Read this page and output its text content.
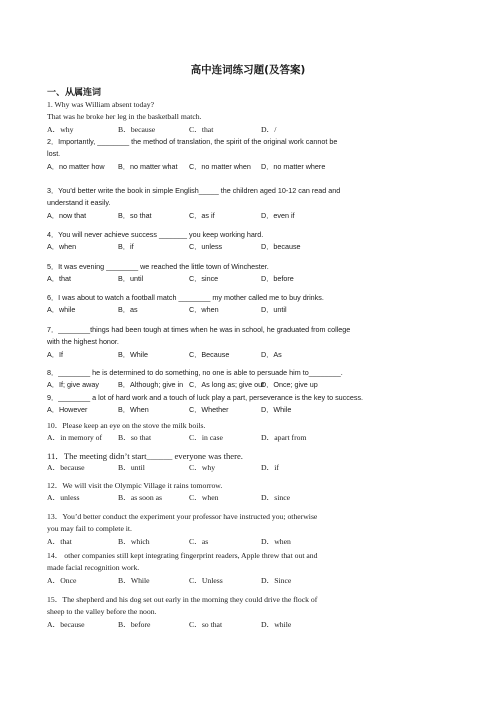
高中连词练习题(及答案)
一、从属连词
1. Why was William absent today?
That was he broke her leg in the basketball match.
A．why	B．because	C．that	D．/
2．Importantly, ________ the method of translation, the spirit of the original work cannot be
lost.
A．no matter how	B．no matter what	C．no matter when	D．no matter where
3．You'd better write the book in simple English_____ the children aged 10-12 can read and
understand it easily.
A．now that	B．so that	C．as if	D．even if
4．You will never achieve success _______ you keep working hard.
A．when	B．if	C．unless	D．because
5．It was evening ________ we reached the little town of Winchester.
A．that	B．until	C．since	D．before
6．I was about to watch a football match ________ my mother called me to buy drinks.
A．while	B．as	C．when	D．until
7．________things had been tough at times when he was in school, he graduated from college
with the highest honor.
A．If	B．While	C．Because	D．As
8．________ he is determined to do something, no one is able to persuade him to________.
A．If; give away	B．Although; give in C．As long as; give out
D．Once; give up
9．________ a lot of hard work and a touch of luck play a part, perseverance is the key to success.
A．However	B．When	C．Whether	D．While
10．Please keep an eye on the stove the milk boils.
A．in memory of	B．so that	C．in case	D．apart from
11．The meeting didn’t start______ everyone was there.
A．because	B．until	C．why	D．if
12．We will visit the Olympic Village it rains tomorrow.
A．unless	B．as soon as	C．when	D．since
13．You’d better conduct the experiment your professor have instructed you; otherwise
you may fail to complete it.
A．that	B．which	C．as	D．when
14． other companies still kept integrating fingerprint readers, Apple threw that out and
made facial recognition work.
A．Once	B．While	C．Unless	D．Since
15．The shepherd and his dog set out early in the morning they could drive the flock of
sheep to the valley before the noon.
A．because	B．before	C．so that	D．while
